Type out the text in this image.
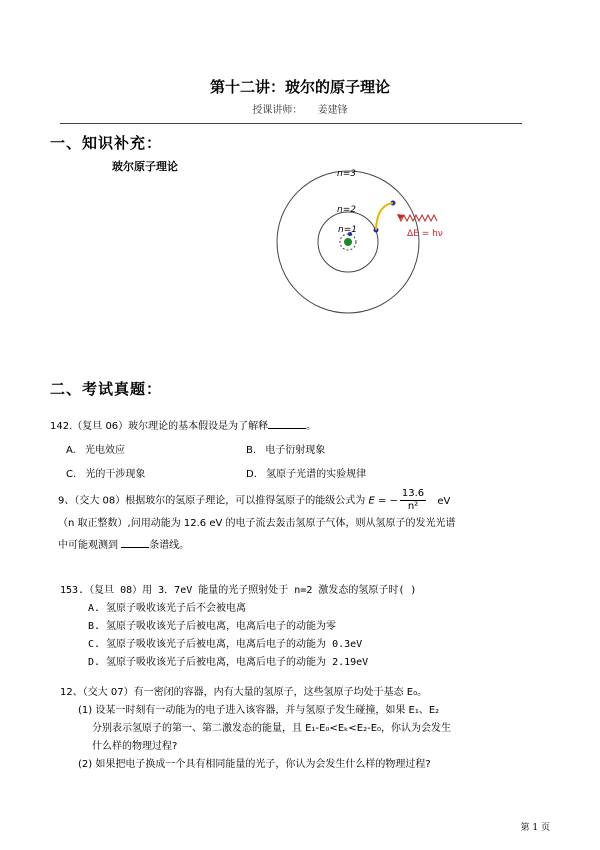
第十二讲：玻尔的原子理论
授课讲师： 姜建锋
一、知识补充：
玻尔原子理论
n=3
n=2
n=1	ΔE = hν
二、考试真题：
142.（复旦 06）玻尔理论的基本假设是为了解释	。
A. 光电效应	B. 电子衍射现象
C. 光的干涉现象	D. 氢原子光谱的实验规律
9、（交大 08）根据玻尔的氢原子理论，可以推得氢原子的能级公式为 E = − $\frac{13.6}{\text{n²}}$ eV
（n 取正整数）,问用动能为 12.6 eV 的电子流去轰击氢原子气体，则从氢原子的发光光谱
中可能观测到	条谱线。
153.（复旦 08）用 3．7eV 能量的光子照射处于 n=2 激发态的氢原子时( )
A. 氢原子吸收该光子后不会被电离
B. 氢原子吸收该光子后被电离，电离后电子的动能为零
C. 氢原子吸收该光子后被电离，电离后电子的动能为 0.3eV
D. 氢原子吸收该光子后被电离，电离后电子的动能为 2.19eV
12、（交大 07）有一密闭的容器，内有大量的氢原子，这些氢原子均处于基态 E₀。
(1) 设某一时刻有一动能为的电子进入该容器，并与氢原子发生碰撞，如果 E₁、E₂
分别表示氢原子的第一、第二激发态的能量，且 E₁-E₀<Eₖ<E₂-E₀，你认为会发生
什么样的物理过程?
(2) 如果把电子换成一个具有相同能量的光子，你认为会发生什么样的物理过程?
第 1 页
